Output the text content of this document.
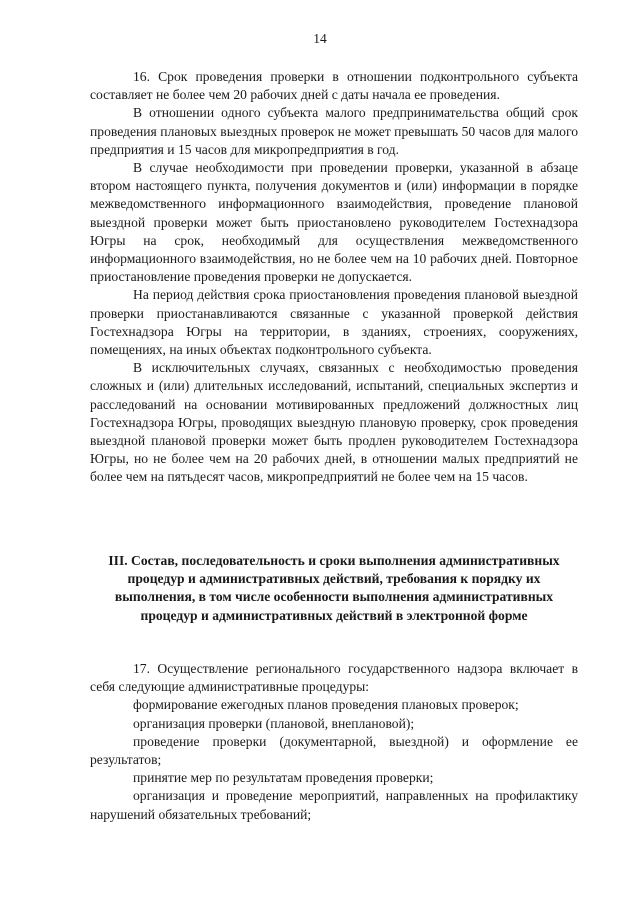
14

16. Срок проведения проверки в отношении подконтрольного субъекта составляет не более чем 20 рабочих дней с даты начала ее проведения.

В отношении одного субъекта малого предпринимательства общий срок проведения плановых выездных проверок не может превышать 50 часов для малого предприятия и 15 часов для микропредприятия в год.

В случае необходимости при проведении проверки, указанной в абзаце втором настоящего пункта, получения документов и (или) информации в порядке межведомственного информационного взаимодействия, проведение плановой выездной проверки может быть приостановлено руководителем Гостехнадзора Югры на срок, необходимый для осуществления межведомственного информационного взаимодействия, но не более чем на 10 рабочих дней. Повторное приостановление проведения проверки не допускается.

На период действия срока приостановления проведения плановой выездной проверки приостанавливаются связанные с указанной проверкой действия Гостехнадзора Югры на территории, в зданиях, строениях, сооружениях, помещениях, на иных объектах подконтрольного субъекта.

В исключительных случаях, связанных с необходимостью проведения сложных и (или) длительных исследований, испытаний, специальных экспертиз и расследований на основании мотивированных предложений должностных лиц Гостехнадзора Югры, проводящих выездную плановую проверку, срок проведения выездной плановой проверки может быть продлен руководителем Гостехнадзора Югры, но не более чем на 20 рабочих дней, в отношении малых предприятий не более чем на пятьдесят часов, микропредприятий не более чем на 15 часов.

III. Состав, последовательность и сроки выполнения административных процедур и административных действий, требования к порядку их выполнения, в том числе особенности выполнения административных процедур и административных действий в электронной форме

17. Осуществление регионального государственного надзора включает в себя следующие административные процедуры:

формирование ежегодных планов проведения плановых проверок;

организация проверки (плановой, внеплановой);

проведение проверки (документарной, выездной) и оформление ее результатов;

принятие мер по результатам проведения проверки;

организация и проведение мероприятий, направленных на профилактику нарушений обязательных требований;
